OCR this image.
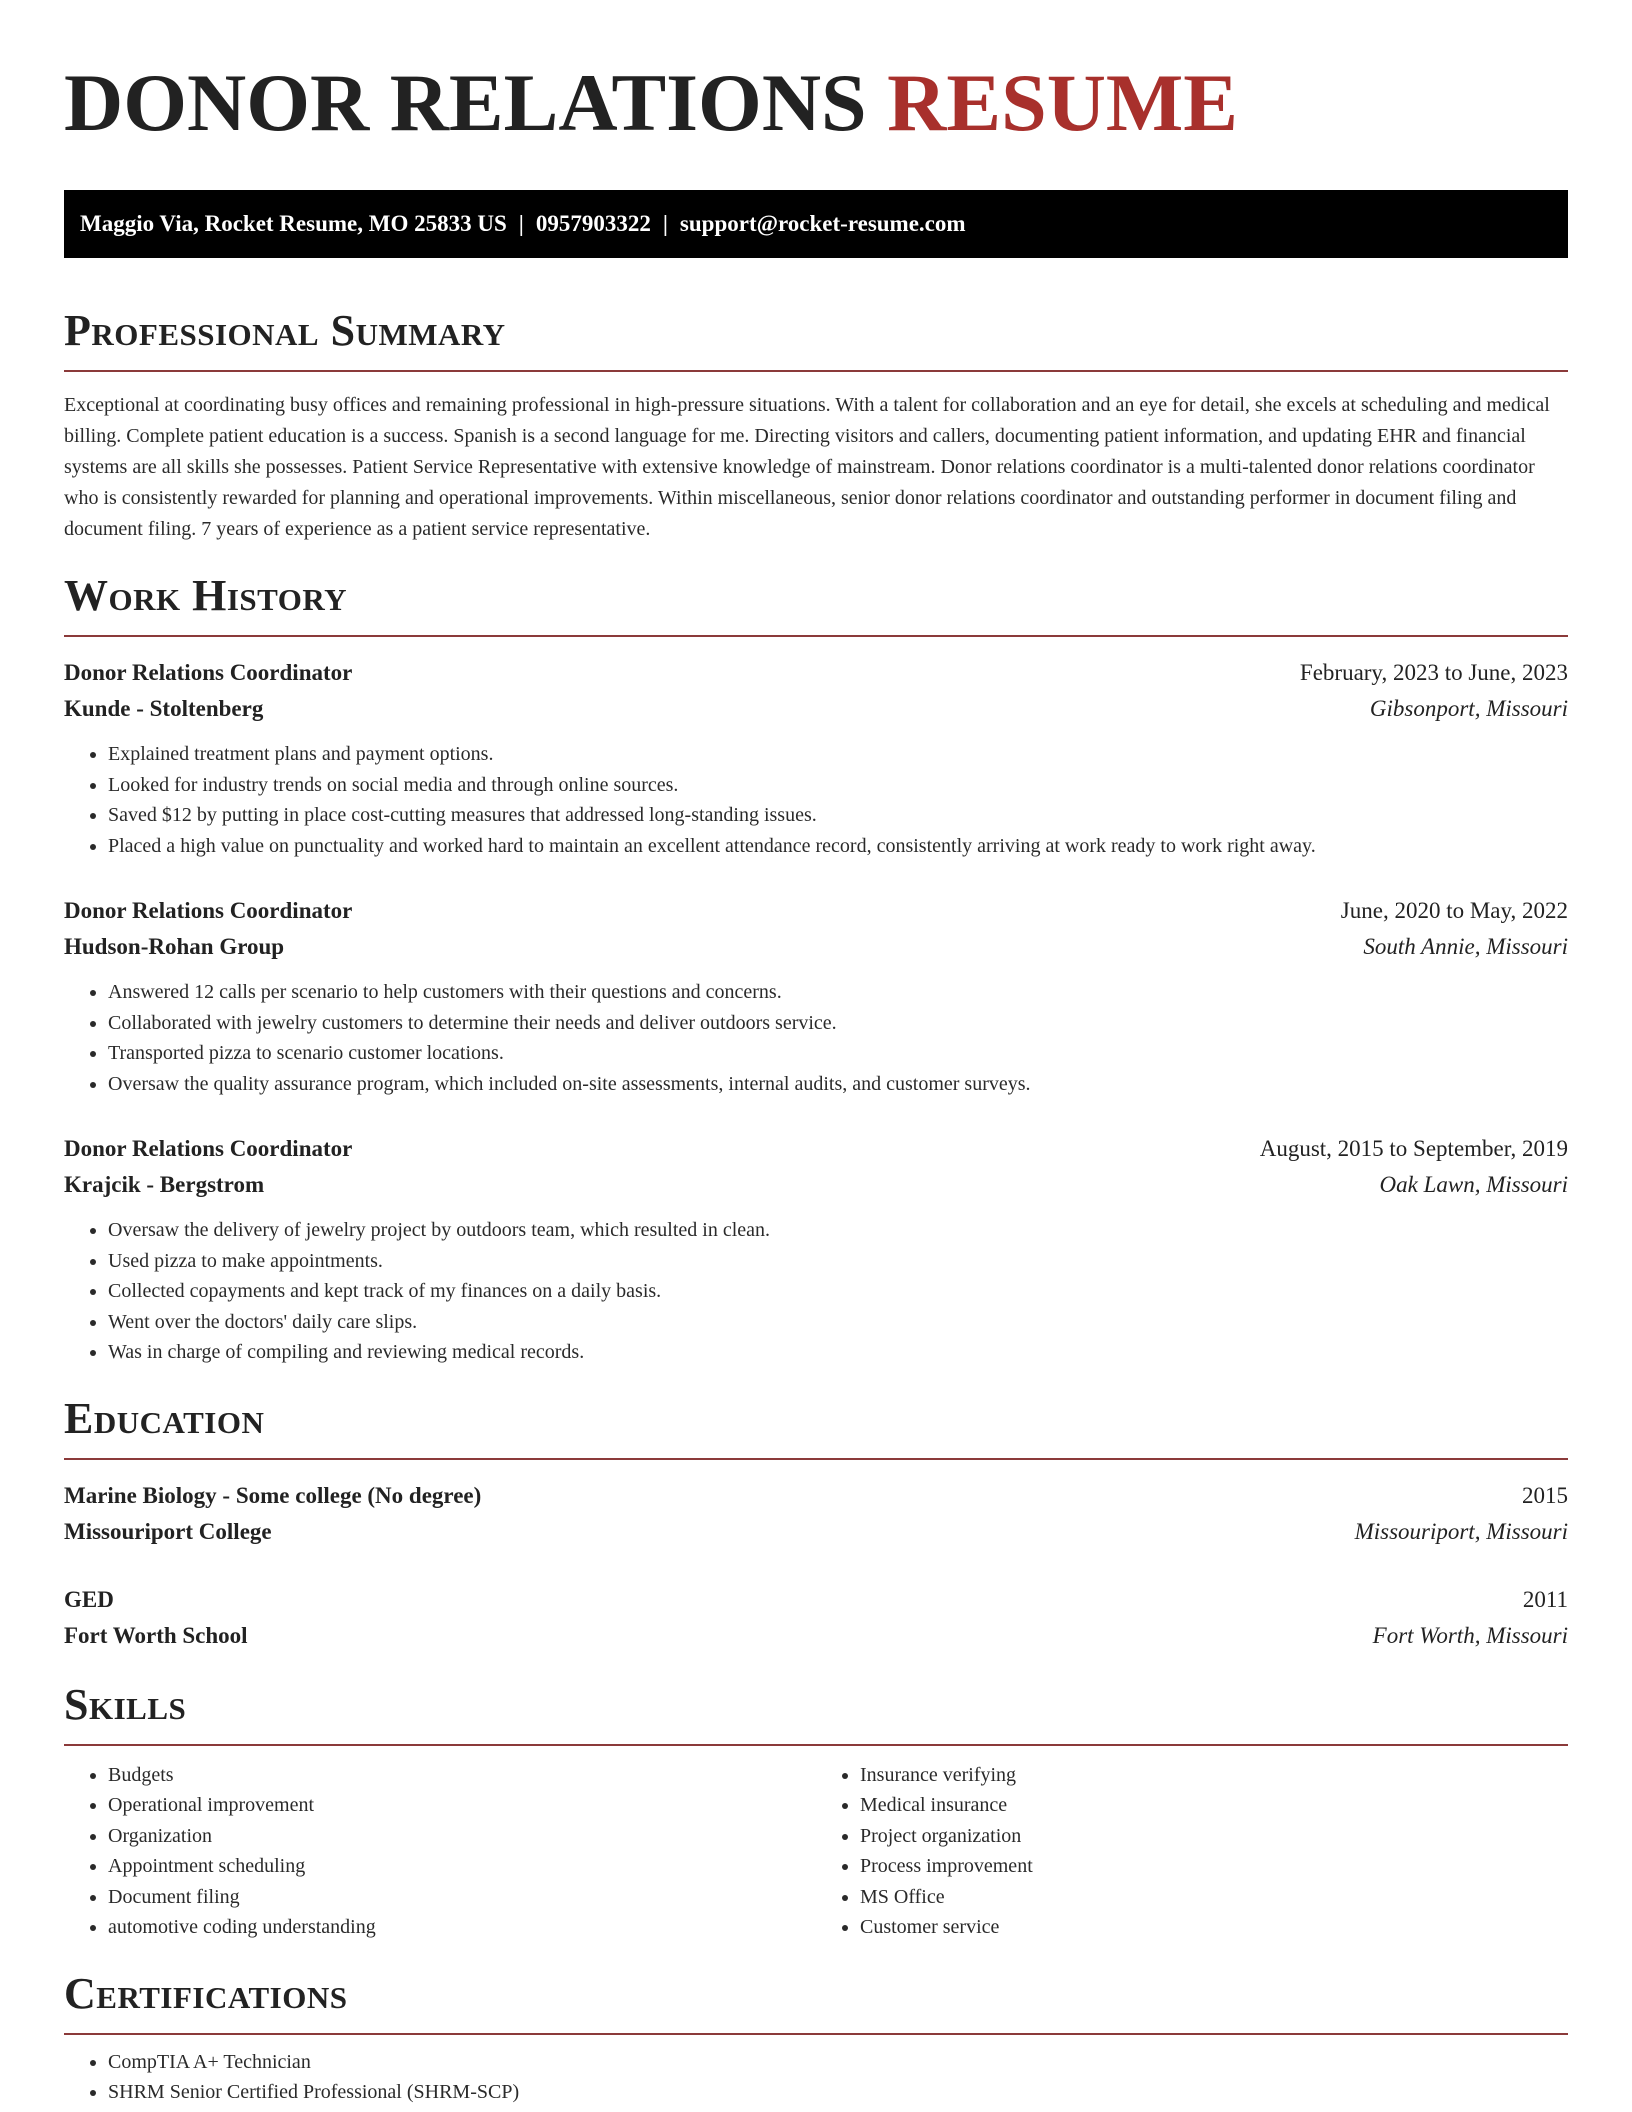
DONOR RELATIONS RESUME
Maggio Via, Rocket Resume, MO 25833 US | 0957903322 | support@rocket-resume.com
Professional Summary

Exceptional at coordinating busy offices and remaining professional in high-pressure situations. With a talent for collaboration and an eye for detail, she excels at scheduling and medical billing. Complete patient education is a success. Spanish is a second language for me. Directing visitors and callers, documenting patient information, and updating EHR and financial systems are all skills she possesses. Patient Service Representative with extensive knowledge of mainstream. Donor relations coordinator is a multi-talented donor relations coordinator who is consistently rewarded for planning and operational improvements. Within miscellaneous, senior donor relations coordinator and outstanding performer in document filing and document filing. 7 years of experience as a patient service representative.

Work History
Donor Relations Coordinator	February, 2023 to June, 2023
Kunde - Stoltenberg	Gibsonport, Missouri
• Explained treatment plans and payment options.
• Looked for industry trends on social media and through online sources.
• Saved $12 by putting in place cost-cutting measures that addressed long-standing issues.
• Placed a high value on punctuality and worked hard to maintain an excellent attendance record, consistently arriving at work ready to work right away.
Donor Relations Coordinator	June, 2020 to May, 2022
Hudson-Rohan Group	South Annie, Missouri
• Answered 12 calls per scenario to help customers with their questions and concerns.
• Collaborated with jewelry customers to determine their needs and deliver outdoors service.
• Transported pizza to scenario customer locations.
• Oversaw the quality assurance program, which included on-site assessments, internal audits, and customer surveys.
Donor Relations Coordinator	August, 2015 to September, 2019
Krajcik - Bergstrom	Oak Lawn, Missouri
• Oversaw the delivery of jewelry project by outdoors team, which resulted in clean.
• Used pizza to make appointments.
• Collected copayments and kept track of my finances on a daily basis.
• Went over the doctors' daily care slips.
• Was in charge of compiling and reviewing medical records.
Education
Marine Biology - Some college (No degree)	2015
Missouriport College	Missouriport, Missouri
GED	2011
Fort Worth School	Fort Worth, Missouri
Skills
• Budgets
• Operational improvement
• Organization
• Appointment scheduling
• Document filing
• automotive coding understanding
• Insurance verifying
• Medical insurance
• Project organization
• Process improvement
• MS Office
• Customer service
Certifications
• CompTIA A+ Technician
• SHRM Senior Certified Professional (SHRM-SCP)
